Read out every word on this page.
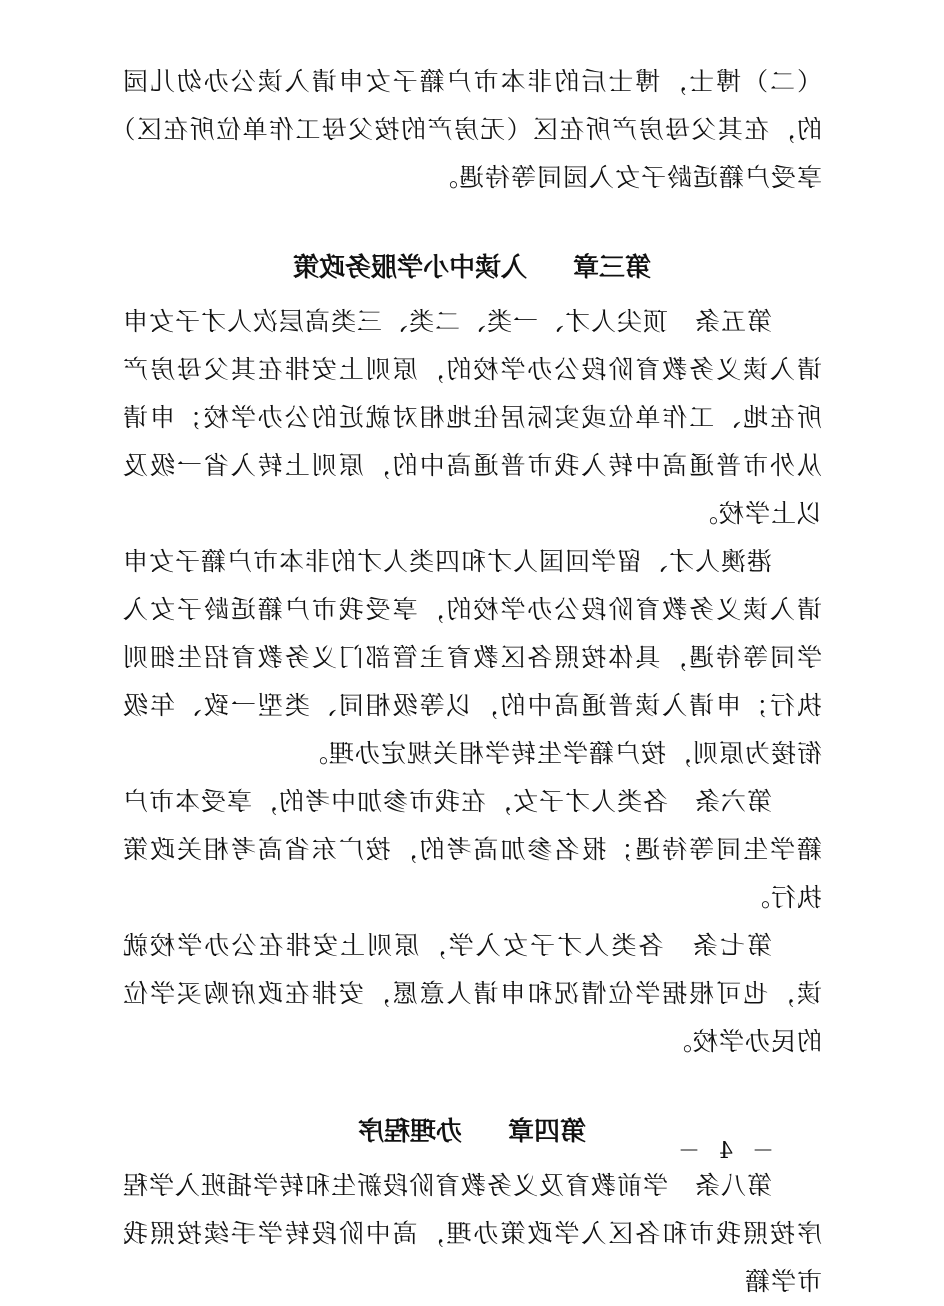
（二）博士，博士后的非本市户籍子女申请入读公办幼儿园的，在其父母房产所在区（无房产的按父母工作单位所在区）享受户籍适龄子女入园同等待遇。

第三章入读中小学服务政策

第五条　顶尖人才、一类、二类、三类高层次人才子女申请入读义务教育阶段公办学校的，原则上安排在其父母房产所在地、工作单位或实际居住地相对就近的公办学校；申请从外市普通高中转入我市普通高中的，原则上转入省一级及以上学校。

港澳人才、留学回国人才和四类人才的非本市户籍子女申请入读义务教育阶段公办学校的，享受我市户籍适龄子女入学同等待遇，具体按照各区教育主管部门义务教育招生细则执行；申请入读普通高中的，以等级相同、类型一致、年级衔接为原则，按户籍学生转学相关规定办理。

第六条　各类人才子女，在我市参加中考的，享受本市户籍学生同等待遇；报名参加高考的，按广东省高考相关政策执行。

第七条　各类人才子女入学，原则上安排在公办学校就读，也可根据学位情况和申请人意愿，安排在政府购买学位的民办学校。

第四章办理程序

第八条　学前教育及义务教育阶段新生和转学插班入学程序按照我市和各区入学政策办理，高中阶段转学手续按照我市学籍

－ 4 －
